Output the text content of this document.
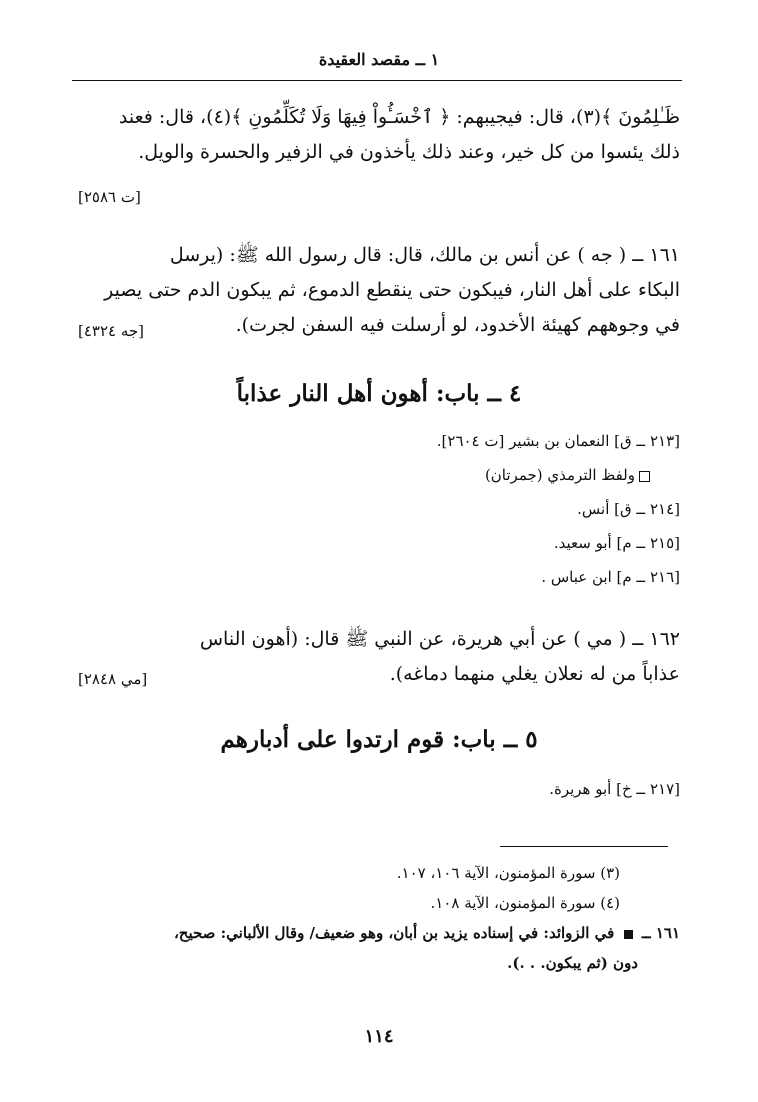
١ ــ مقصد العقيدة

ظَـٰلِمُونَ ﴾(٣)، قال: فيجيبهم: ﴿ ٱخْسَـُٔواْ فِيهَا وَلَا تُكَلِّمُونِ ﴾(٤)، قال: فعند

ذلك يئسوا من كل خير، وعند ذلك يأخذون في الزفير والحسرة والويل.

[ت ٢٥٨٦]

١٦١ ــ ( جه ) عن أنس بن مالك، قال: قال رسول الله ﷺ: (يرسل

البكاء على أهل النار، فيبكون حتى ينقطع الدموع، ثم يبكون الدم حتى يصير

في وجوههم كهيئة الأخدود، لو أرسلت فيه السفن لجرت).

[جه ٤٣٢٤]
٤ ــ باب: أهون أهل النار عذاباً
[٢١٣ ــ ق] النعمان بن بشير [ت ٢٦٠٤].
ولفظ الترمذي (جمرتان)
[٢١٤ ــ ق] أنس.
[٢١٥ ــ م] أبو سعيد.
[٢١٦ ــ م] ابن عباس .

١٦٢ ــ ( مي ) عن أبي هريرة، عن النبي ﷺ قال: (أهون الناس

عذاباً من له نعلان يغلي منهما دماغه).

[مي ٢٨٤٨]
٥ ــ باب: قوم ارتدوا على أدبارهم
[٢١٧ ــ خ] أبو هريرة.
(٣) سورة المؤمنون، الآية ١٠٦، ١٠٧.
(٤) سورة المؤمنون، الآية ١٠٨.
١٦١ ــ  في الزوائد: في إسناده يزيد بن أبان، وهو ضعيف/ وقال الألباني: صحيح،
دون (ثم يبكون. . .).
١١٤
